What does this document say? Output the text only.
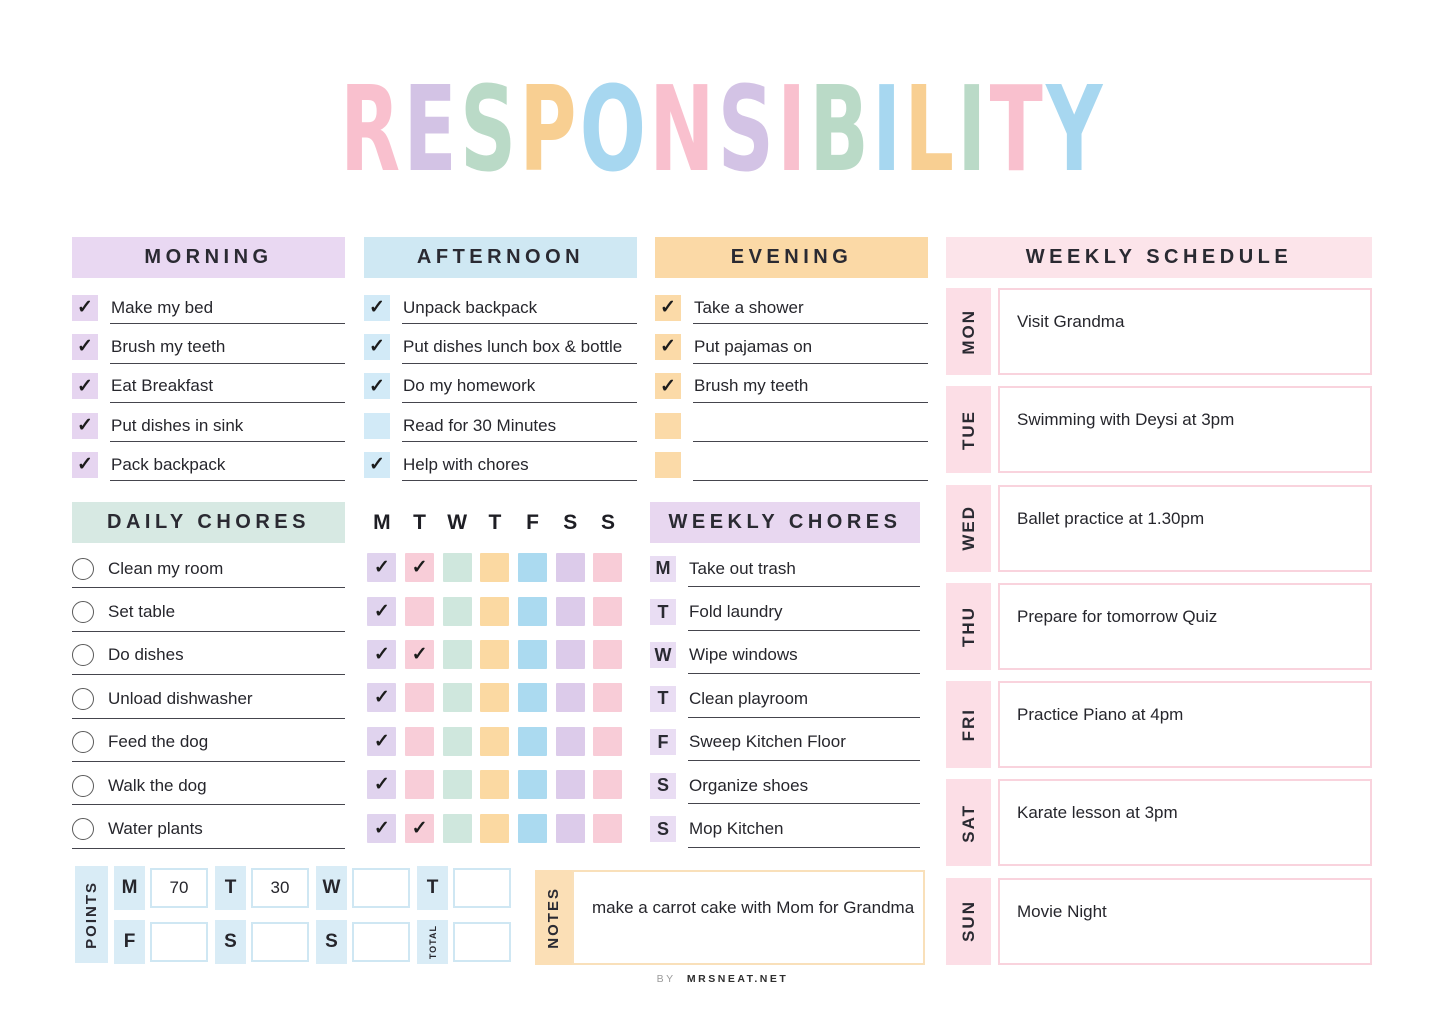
RESPONSIBILITY
MORNING
✓ Make my bed
✓ Brush my teeth
✓ Eat Breakfast
✓ Put dishes in sink
✓ Pack backpack
AFTERNOON
✓ Unpack backpack
✓ Put dishes lunch box & bottle
✓ Do my homework
Read for 30 Minutes
✓ Help with chores
EVENING
✓ Take a shower
✓ Put pajamas on
✓ Brush my teeth
DAILY CHORES
Clean my room
Set table
Do dishes
Unload dishwasher
Feed the dog
Walk the dog
Water plants
M	T	W	T	F	S	S
✓	✓
✓
✓	✓
✓
✓
✓
✓	✓
WEEKLY CHORES
M	Take out trash
T	Fold laundry
W Wipe windows
T	Clean playroom
F	Sweep Kitchen Floor
S	Organize shoes
S	Mop Kitchen
WEEKLY SCHEDULE
MON	Visit Grandma
TUE	Swimming with Deysi at 3pm
WED	Ballet practice at 1.30pm
THU	Prepare for tomorrow Quiz
FRI	Practice Piano at 4pm
SAT	Karate lesson at 3pm
SUN	Movie Night
POINTS	M	70	T	30	W	T
F	S	S	TOTAL	NOTES	make a carrot cake with Mom for Grandma
BY MRSNEAT.NET
